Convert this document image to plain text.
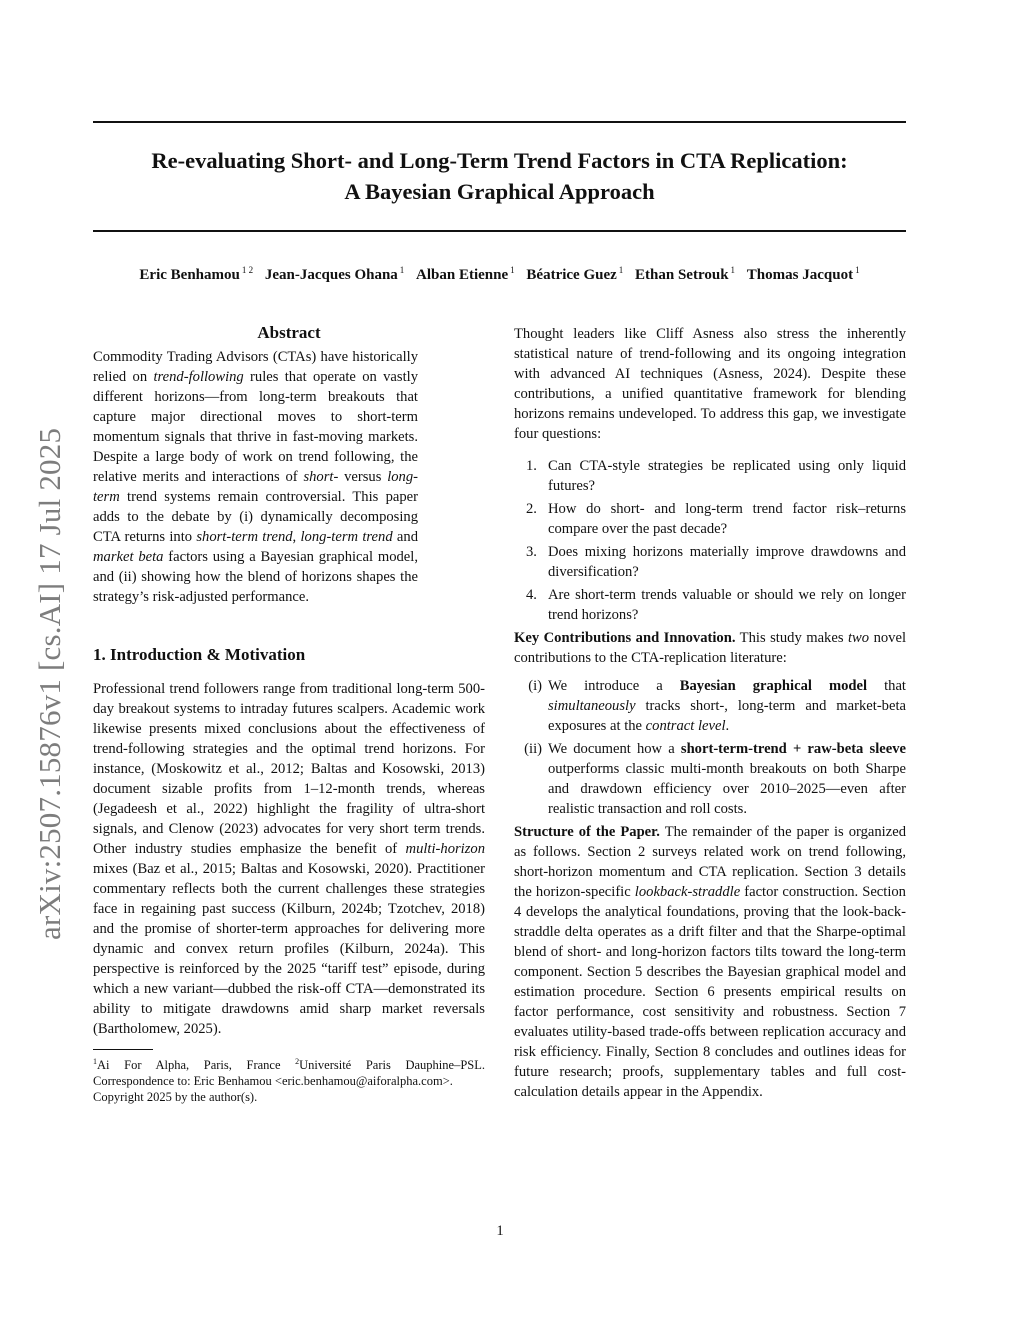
arXiv:2507.15876v1 [cs.AI] 17 Jul 2025
Re-evaluating Short- and Long-Term Trend Factors in CTA Replication:
A Bayesian Graphical Approach
Eric Benhamou $^{1 2}$ Jean-Jacques Ohana $^1$ Alban Etienne $^1$ Béatrice Guez $^1$ Ethan Setrouk $^1$ Thomas Jacquot $^1$
Abstract

Commodity Trading Advisors (CTAs) have historically relied on trend-following rules that operate on vastly different horizons—from long-term breakouts that capture major directional moves to short-term momentum signals that thrive in fast-moving markets. Despite a large body of work on trend following, the relative merits and interactions of short- versus long-term trend systems remain controversial. This paper adds to the debate by (i) dynamically decomposing CTA returns into short-term trend, long-term trend and market beta factors using a Bayesian graphical model, and (ii) showing how the blend of horizons shapes the strategy’s risk-adjusted performance.

1. Introduction & Motivation

Professional trend followers range from traditional long-term 500-day breakout systems to intraday futures scalpers. Academic work likewise presents mixed conclusions about the effectiveness of trend-following strategies and the optimal trend horizons. For instance, (Moskowitz et al., 2012; Baltas and Kosowski, 2013) document sizable profits from 1–12-month trends, whereas (Jegadeesh et al., 2022) highlight the fragility of ultra-short signals, and Clenow (2023) advocates for very short term trends. Other industry studies emphasize the benefit of multi-horizon mixes (Baz et al., 2015; Baltas and Kosowski, 2020). Practitioner commentary reflects both the current challenges these strategies face in regaining past success (Kilburn, 2024b; Tzotchev, 2018) and the promise of shorter-term approaches for delivering more dynamic and convex return profiles (Kilburn, 2024a). This perspective is reinforced by the 2025 “tariff test” episode, during which a new variant—dubbed the risk-off CTA—demonstrated its ability to mitigate drawdowns amid sharp market reversals (Bartholomew, 2025).

$^1$Ai For Alpha, Paris, France $^2$Université Paris Dauphine–PSL. Correspondence to: Eric Benhamou <eric.benhamou@aiforalpha.com>.

Copyright 2025 by the author(s).

Thought leaders like Cliff Asness also stress the inherently statistical nature of trend-following and its ongoing integration with advanced AI techniques (Asness, 2024). Despite these contributions, a unified quantitative framework for blending horizons remains undeveloped. To address this gap, we investigate four questions:

1. Can CTA-style strategies be replicated using only liquid futures?
2. How do short- and long-term trend factor risk–returns compare over the past decade?
3. Does mixing horizons materially improve drawdowns and diversification?
4. Are short-term trends valuable or should we rely on longer trend horizons?

Key Contributions and Innovation. This study makes two novel contributions to the CTA-replication literature:

(i) We introduce a Bayesian graphical model that simultaneously tracks short-, long-term and market-beta exposures at the contract level.
(ii) We document how a short-term-trend + raw-beta sleeve outperforms classic multi-month breakouts on both Sharpe and drawdown efficiency over 2010–2025—even after realistic transaction and roll costs.

Structure of the Paper. The remainder of the paper is organized as follows. Section 2 surveys related work on trend following, short-horizon momentum and CTA replication. Section 3 details the horizon-specific lookback-straddle factor construction. Section 4 develops the analytical foundations, proving that the look-back-straddle delta operates as a drift filter and that the Sharpe-optimal blend of short- and long-horizon factors tilts toward the long-term component. Section 5 describes the Bayesian graphical model and estimation procedure. Section 6 presents empirical results on factor performance, cost sensitivity and robustness. Section 7 evaluates utility-based trade-offs between replication accuracy and risk efficiency. Finally, Section 8 concludes and outlines ideas for future research; proofs, supplementary tables and full cost-calculation details appear in the Appendix.

1
